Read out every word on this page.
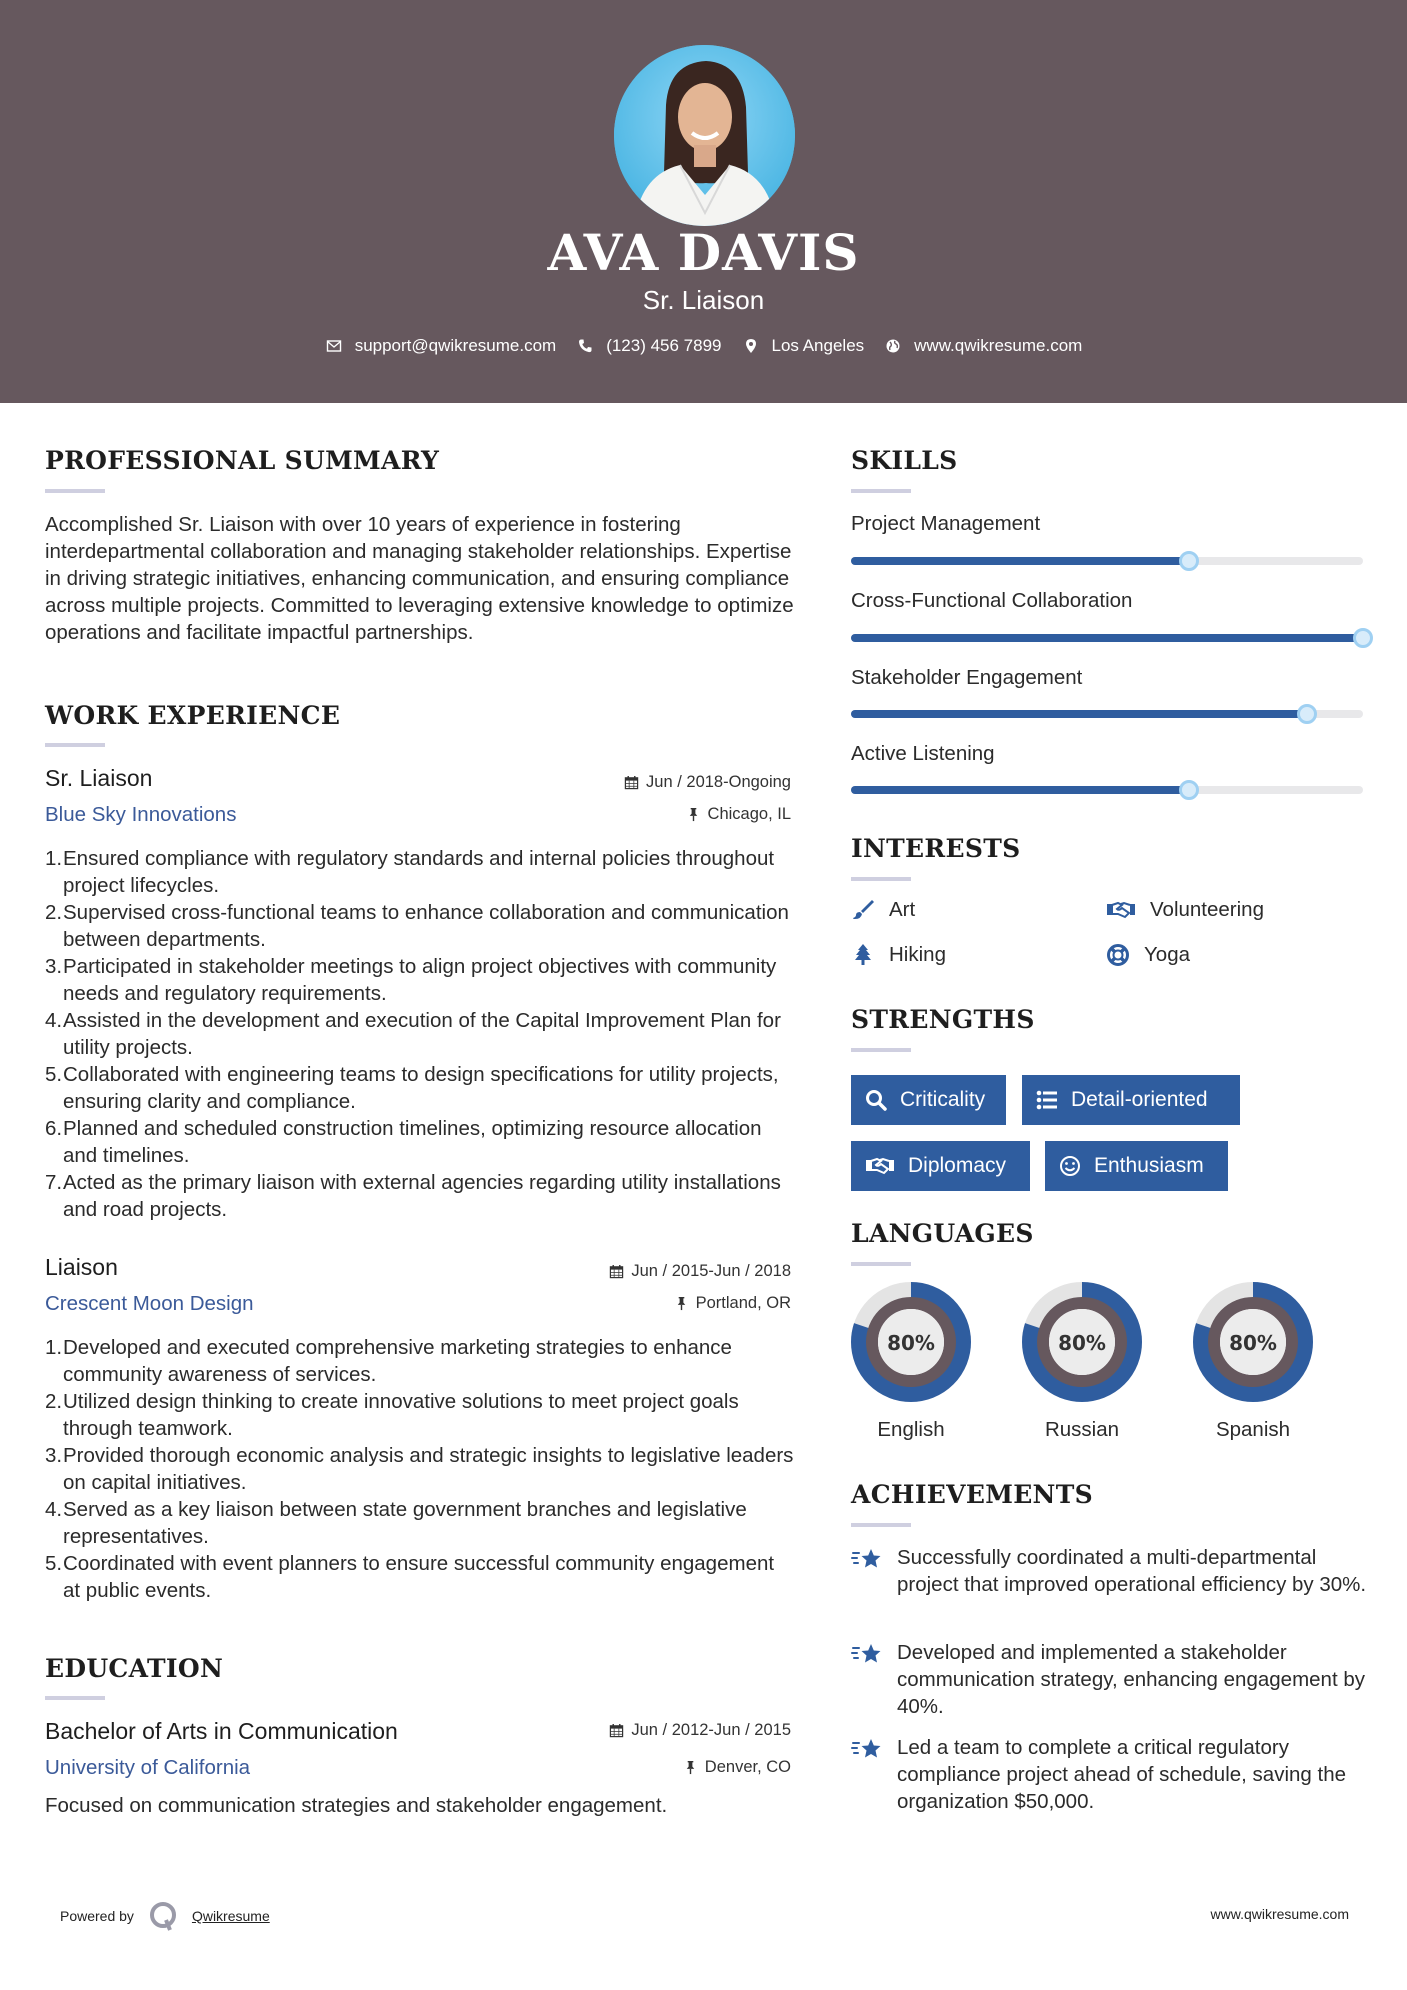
AVA DAVIS
Sr. Liaison
support@qwikresume.com	(123) 456 7899	Los Angeles	www.qwikresume.com
PROFESSIONAL SUMMARY
Accomplished Sr. Liaison with over 10 years of experience in fostering interdepartmental collaboration and managing stakeholder relationships. Expertise in driving strategic initiatives, enhancing communication, and ensuring compliance across multiple projects. Committed to leveraging extensive knowledge to optimize operations and facilitate impactful partnerships.
WORK EXPERIENCE
Sr. Liaison	Jun / 2018-Ongoing
Blue Sky Innovations	Chicago, IL
1. Ensured compliance with regulatory standards and internal policies throughout project lifecycles.
2. Supervised cross-functional teams to enhance collaboration and communication between departments.
3. Participated in stakeholder meetings to align project objectives with community needs and regulatory requirements.
4. Assisted in the development and execution of the Capital Improvement Plan for utility projects.
5. Collaborated with engineering teams to design specifications for utility projects, ensuring clarity and compliance.
6. Planned and scheduled construction timelines, optimizing resource allocation and timelines.
7. Acted as the primary liaison with external agencies regarding utility installations and road projects.
Liaison	Jun / 2015-Jun / 2018
Crescent Moon Design	Portland, OR
1. Developed and executed comprehensive marketing strategies to enhance community awareness of services.
2. Utilized design thinking to create innovative solutions to meet project goals through teamwork.
3. Provided thorough economic analysis and strategic insights to legislative leaders on capital initiatives.
4. Served as a key liaison between state government branches and legislative representatives.
5. Coordinated with event planners to ensure successful community engagement at public events.
EDUCATION
Bachelor of Arts in Communication	Jun / 2012-Jun / 2015
University of California	Denver, CO
Focused on communication strategies and stakeholder engagement.
SKILLS
Project Management
Cross-Functional Collaboration
Stakeholder Engagement
Active Listening
INTERESTS
Art	Volunteering
Hiking	Yoga
STRENGTHS
Criticality	Detail-oriented
Diplomacy	Enthusiasm
LANGUAGES
80%
English
80%
Russian
80%
Spanish
ACHIEVEMENTS
Successfully coordinated a multi-departmental project that improved operational efficiency by 30%.
Developed and implemented a stakeholder communication strategy, enhancing engagement by 40%.
Led a team to complete a critical regulatory compliance project ahead of schedule, saving the organization $50,000.
Powered by	Qwikresume	www.qwikresume.com
